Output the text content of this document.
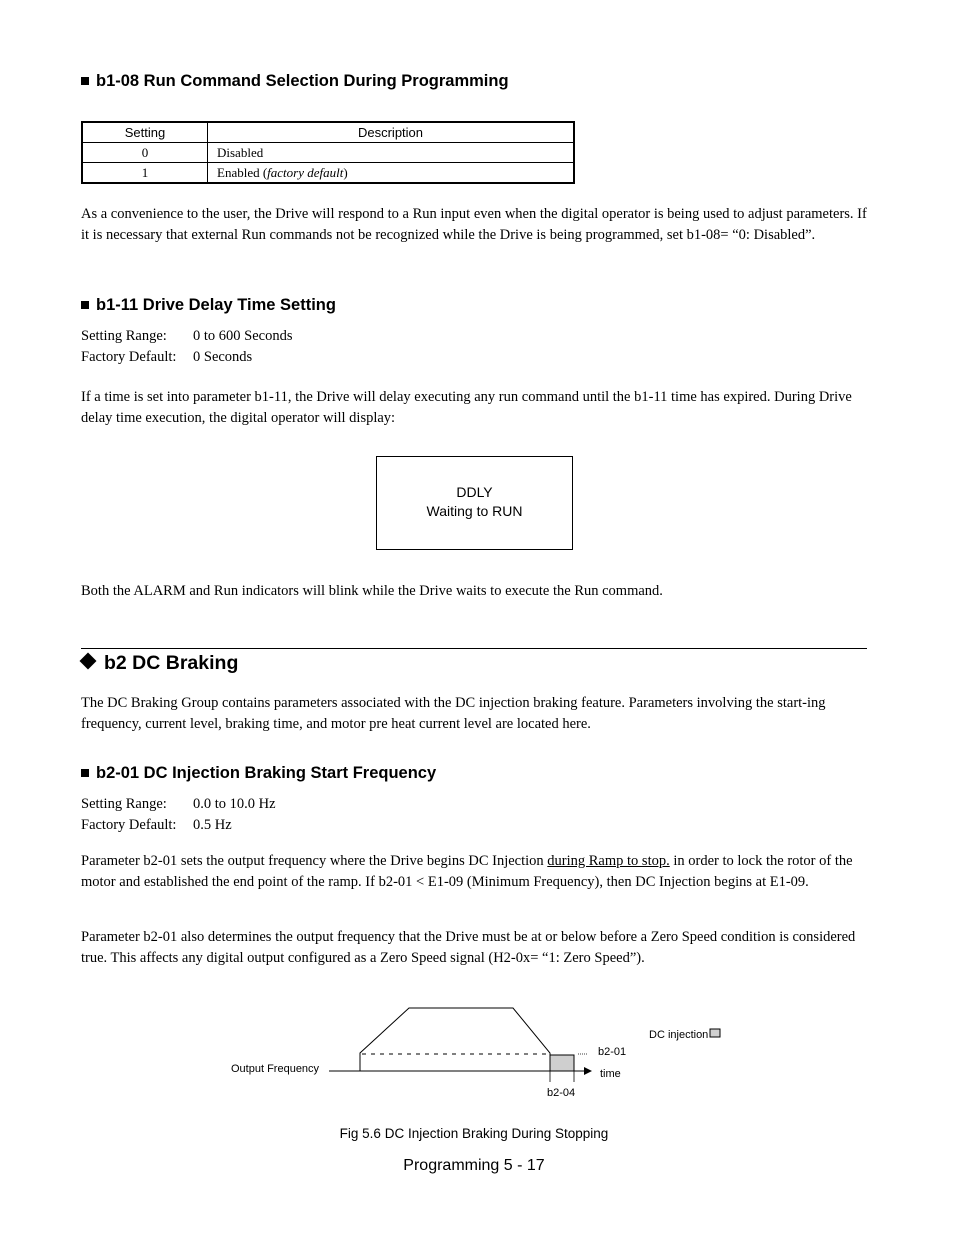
b1-08 Run Command Selection During Programming
Setting	Description
0	Disabled
1	Enabled (factory default)
As a convenience to the user, the Drive will respond to a Run input even when the digital operator is being used to adjust parameters. If it is necessary that external Run commands not be recognized while the Drive is being programmed, set b1-08= “0: Disabled”.
b1-11 Drive Delay Time Setting
Setting Range: 0 to 600 Seconds
Factory Default: 0 Seconds
If a time is set into parameter b1-11, the Drive will delay executing any run command until the b1-11 time has expired. During Drive delay time execution, the digital operator will display:
DDLY
Waiting to RUN
Both the ALARM and Run indicators will blink while the Drive waits to execute the Run command.
b2 DC Braking
The DC Braking Group contains parameters associated with the DC injection braking feature. Parameters involving the start-ing frequency, current level, braking time, and motor pre heat current level are located here.
b2-01 DC Injection Braking Start Frequency
Setting Range: 0.0 to 10.0 Hz
Factory Default: 0.5 Hz
Parameter b2-01 sets the output frequency where the Drive begins DC Injection during Ramp to stop. in order to lock the rotor of the motor and established the end point of the ramp. If b2-01 < E1-09 (Minimum Frequency), then DC Injection begins at E1-09.
Parameter b2-01 also determines the output frequency that the Drive must be at or below before a Zero Speed condition is considered true. This affects any digital output configured as a Zero Speed signal (H2-0x= “1: Zero Speed”).
Output Frequency
DC injection
b2-01
time
b2-04
Fig 5.6 DC Injection Braking During Stopping
Programming 5 - 17
